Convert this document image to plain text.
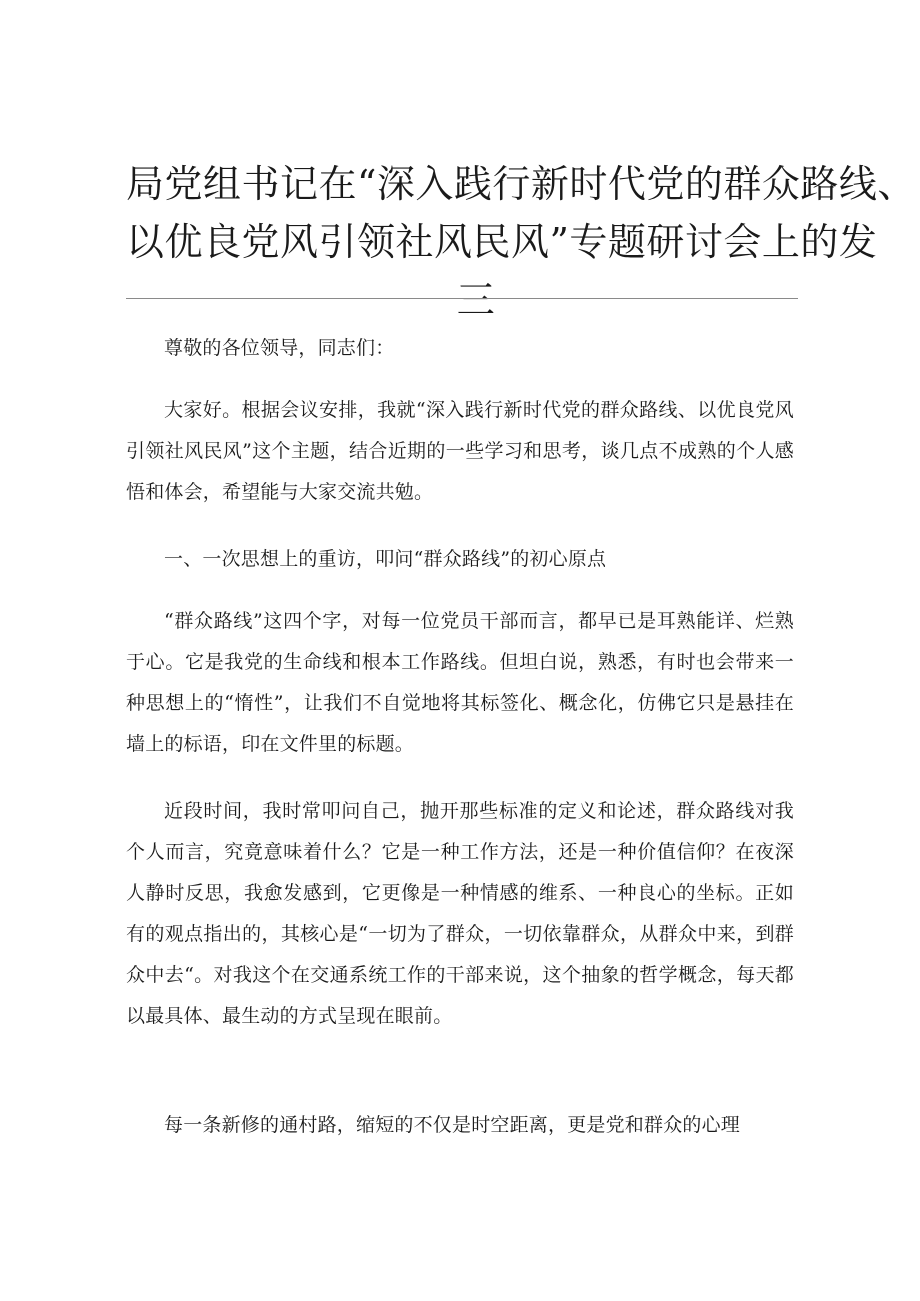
局党组书记在“深入践行新时代党的群众路线、
以优良党风引领社风民风”专题研讨会上的发
三

尊敬的各位领导，同志们：

大家好。根据会议安排，我就“深入践行新时代党的群众路线、以优良党风引领社风民风”这个主题，结合近期的一些学习和思考，谈几点不成熟的个人感悟和体会，希望能与大家交流共勉。

一、一次思想上的重访，叩问“群众路线”的初心原点

“群众路线”这四个字，对每一位党员干部而言，都早已是耳熟能详、烂熟于心。它是我党的生命线和根本工作路线。但坦白说，熟悉，有时也会带来一种思想上的“惰性”，让我们不自觉地将其标签化、概念化，仿佛它只是悬挂在墙上的标语，印在文件里的标题。

近段时间，我时常叩问自己，抛开那些标准的定义和论述，群众路线对我个人而言，究竟意味着什么？它是一种工作方法，还是一种价值信仰？在夜深人静时反思，我愈发感到，它更像是一种情感的维系、一种良心的坐标。正如有的观点指出的，其核心是“一切为了群众，一切依靠群众，从群众中来，到群众中去“。对我这个在交通系统工作的干部来说，这个抽象的哲学概念，每天都以最具体、最生动的方式呈现在眼前。

每一条新修的通村路，缩短的不仅是时空距离，更是党和群众的心理
